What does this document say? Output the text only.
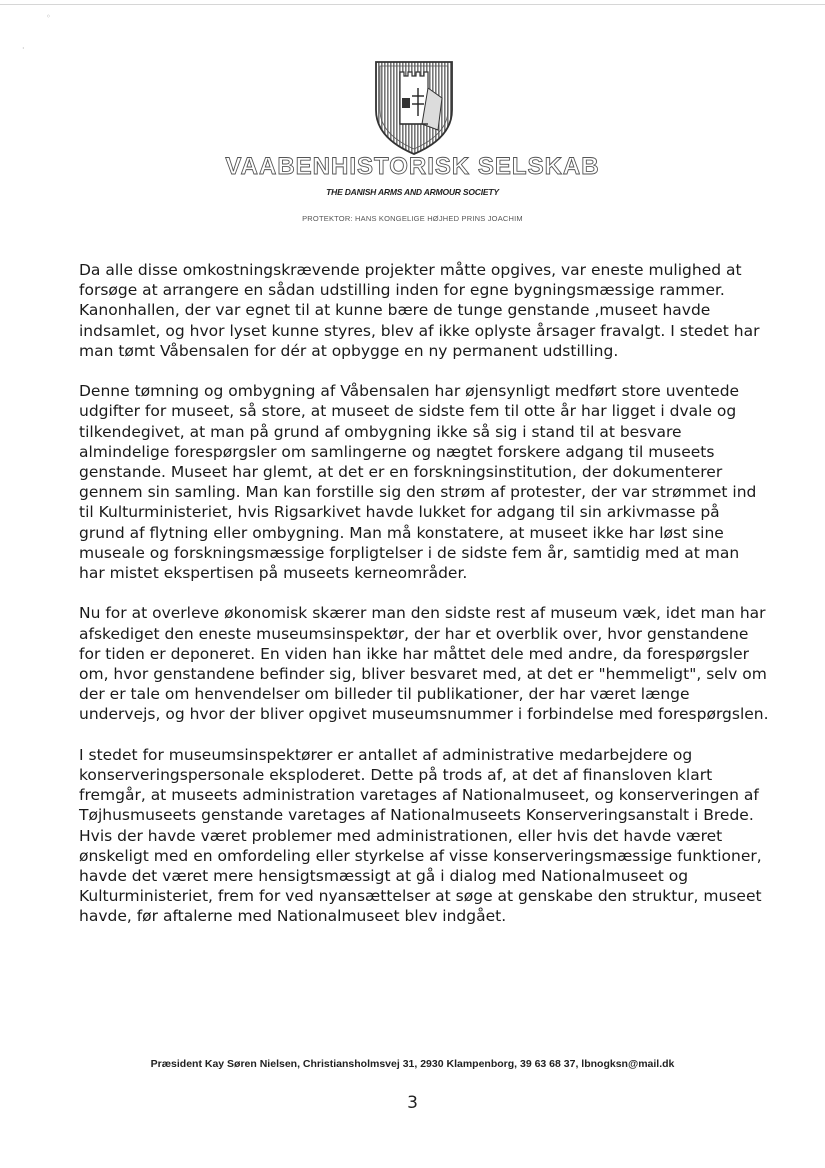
◦
·
VAABENHISTORISK SELSKAB
THE DANISH ARMS AND ARMOUR SOCIETY
PROTEKTOR: HANS KONGELIGE HØJHED PRINS JOACHIM

Da alle disse omkostningskrævende projekter måtte opgives, var eneste mulighed at forsøge at arrangere en sådan udstilling inden for egne bygningsmæssige rammer. Kanonhallen, der var egnet til at kunne bære de tunge genstande ,museet havde indsamlet, og hvor lyset kunne styres, blev af ikke oplyste årsager fravalgt. I stedet har man tømt Våbensalen for dér at opbygge en ny permanent udstilling.

Denne tømning og ombygning af Våbensalen har øjensynligt medført store uventede udgifter for museet, så store, at museet de sidste fem til otte år har ligget i dvale og tilkendegivet, at man på grund af ombygning ikke så sig i stand til at besvare almindelige forespørgsler om samlingerne og nægtet forskere adgang til museets genstande. Museet har glemt, at det er en forskningsinstitution, der dokumenterer gennem sin samling. Man kan forstille sig den strøm af protester, der var strømmet ind til Kulturministeriet, hvis Rigsarkivet havde lukket for adgang til sin arkivmasse på grund af flytning eller ombygning. Man må konstatere, at museet ikke har løst sine museale og forskningsmæssige forpligtelser i de sidste fem år, samtidig med at man har mistet ekspertisen på museets kerneområder.

Nu for at overleve økonomisk skærer man den sidste rest af museum væk, idet man har afskediget den eneste museumsinspektør, der har et overblik over, hvor genstandene for tiden er deponeret. En viden han ikke har måttet dele med andre, da forespørgsler om, hvor genstandene befinder sig, bliver besvaret med, at det er "hemmeligt", selv om der er tale om henvendelser om billeder til publikationer, der har været længe undervejs, og hvor der bliver opgivet museumsnummer i forbindelse med forespørgslen.

I stedet for museumsinspektører er antallet af administrative medarbejdere og konserveringspersonale eksploderet. Dette på trods af, at det af finansloven klart fremgår, at museets administration varetages af Nationalmuseet, og konserveringen af Tøjhusmuseets genstande varetages af Nationalmuseets Konserveringsanstalt i Brede. Hvis der havde været problemer med administrationen, eller hvis det havde været ønskeligt med en omfordeling eller styrkelse af visse konserveringsmæssige funktioner, havde det været mere hensigtsmæssigt at gå i dialog med Nationalmuseet og Kulturministeriet, frem for ved nyansættelser at søge at genskabe den struktur, museet havde, før aftalerne med Nationalmuseet blev indgået.

Præsident Kay Søren Nielsen, Christiansholmsvej 31, 2930 Klampenborg, 39 63 68 37, lbnogksn@mail.dk
3
